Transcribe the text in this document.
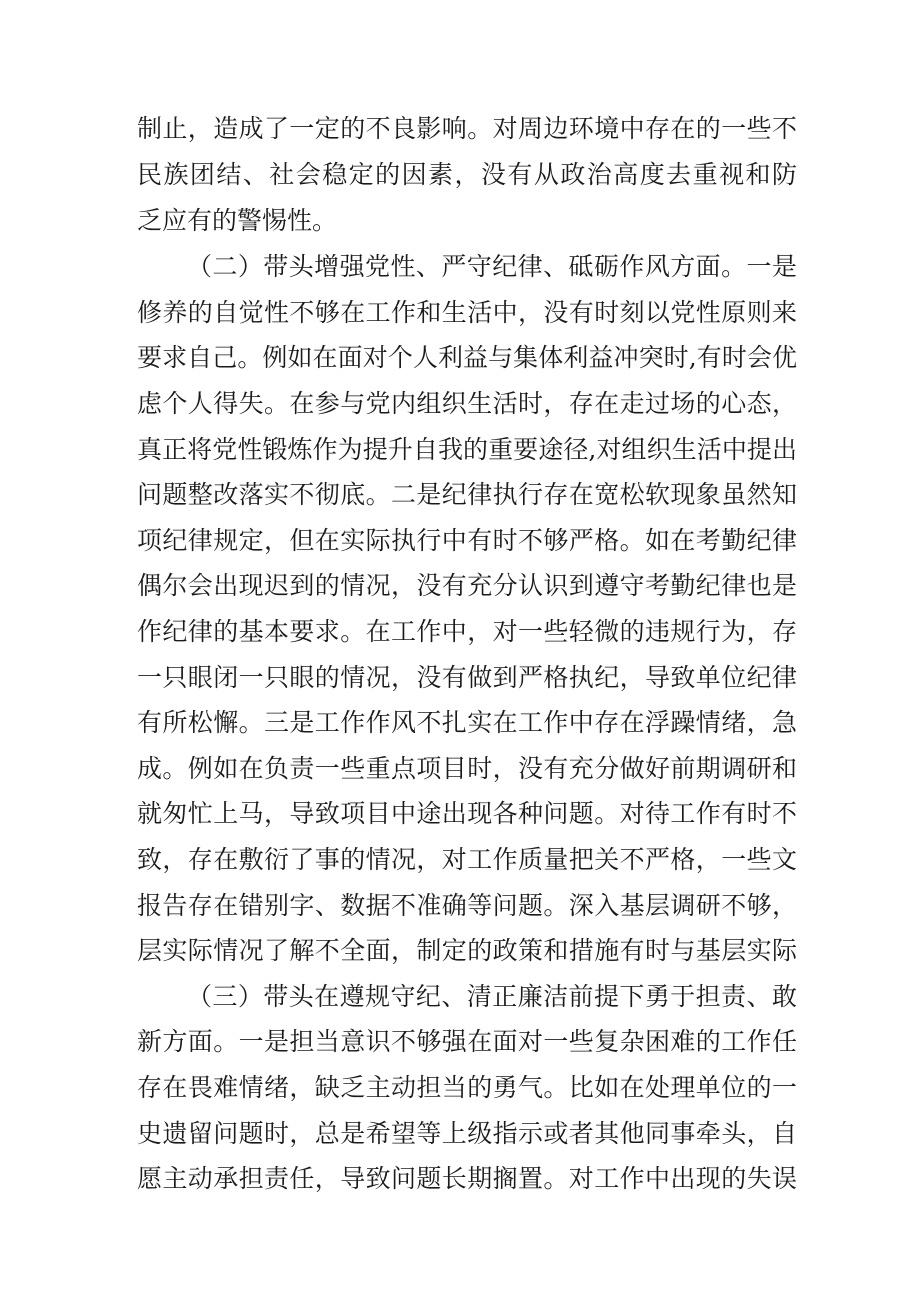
制止，造成了一定的不良影响。对周边环境中存在的一些不

民族团结、社会稳定的因素，没有从政治高度去重视和防

乏应有的警惕性。

（二）带头增强党性、严守纪律、砥砺作风方面。一是

修养的自觉性不够在工作和生活中，没有时刻以党性原则来

要求自己。例如在面对个人利益与集体利益冲突时,有时会优

虑个人得失。在参与党内组织生活时，存在走过场的心态，

真正将党性锻炼作为提升自我的重要途径,对组织生活中提出

问题整改落实不彻底。二是纪律执行存在宽松软现象虽然知

项纪律规定，但在实际执行中有时不够严格。如在考勤纪律

偶尔会出现迟到的情况，没有充分认识到遵守考勤纪律也是

作纪律的基本要求。在工作中，对一些轻微的违规行为，存

一只眼闭一只眼的情况，没有做到严格执纪，导致单位纪律

有所松懈。三是工作作风不扎实在工作中存在浮躁情绪，急

成。例如在负责一些重点项目时，没有充分做好前期调研和

就匆忙上马，导致项目中途出现各种问题。对待工作有时不

致，存在敷衍了事的情况，对工作质量把关不严格，一些文

报告存在错别字、数据不准确等问题。深入基层调研不够，

层实际情况了解不全面，制定的政策和措施有时与基层实际

（三）带头在遵规守纪、清正廉洁前提下勇于担责、敢

新方面。一是担当意识不够强在面对一些复杂困难的工作任

存在畏难情绪，缺乏主动担当的勇气。比如在处理单位的一

史遗留问题时，总是希望等上级指示或者其他同事牵头，自

愿主动承担责任，导致问题长期搁置。对工作中出现的失误
